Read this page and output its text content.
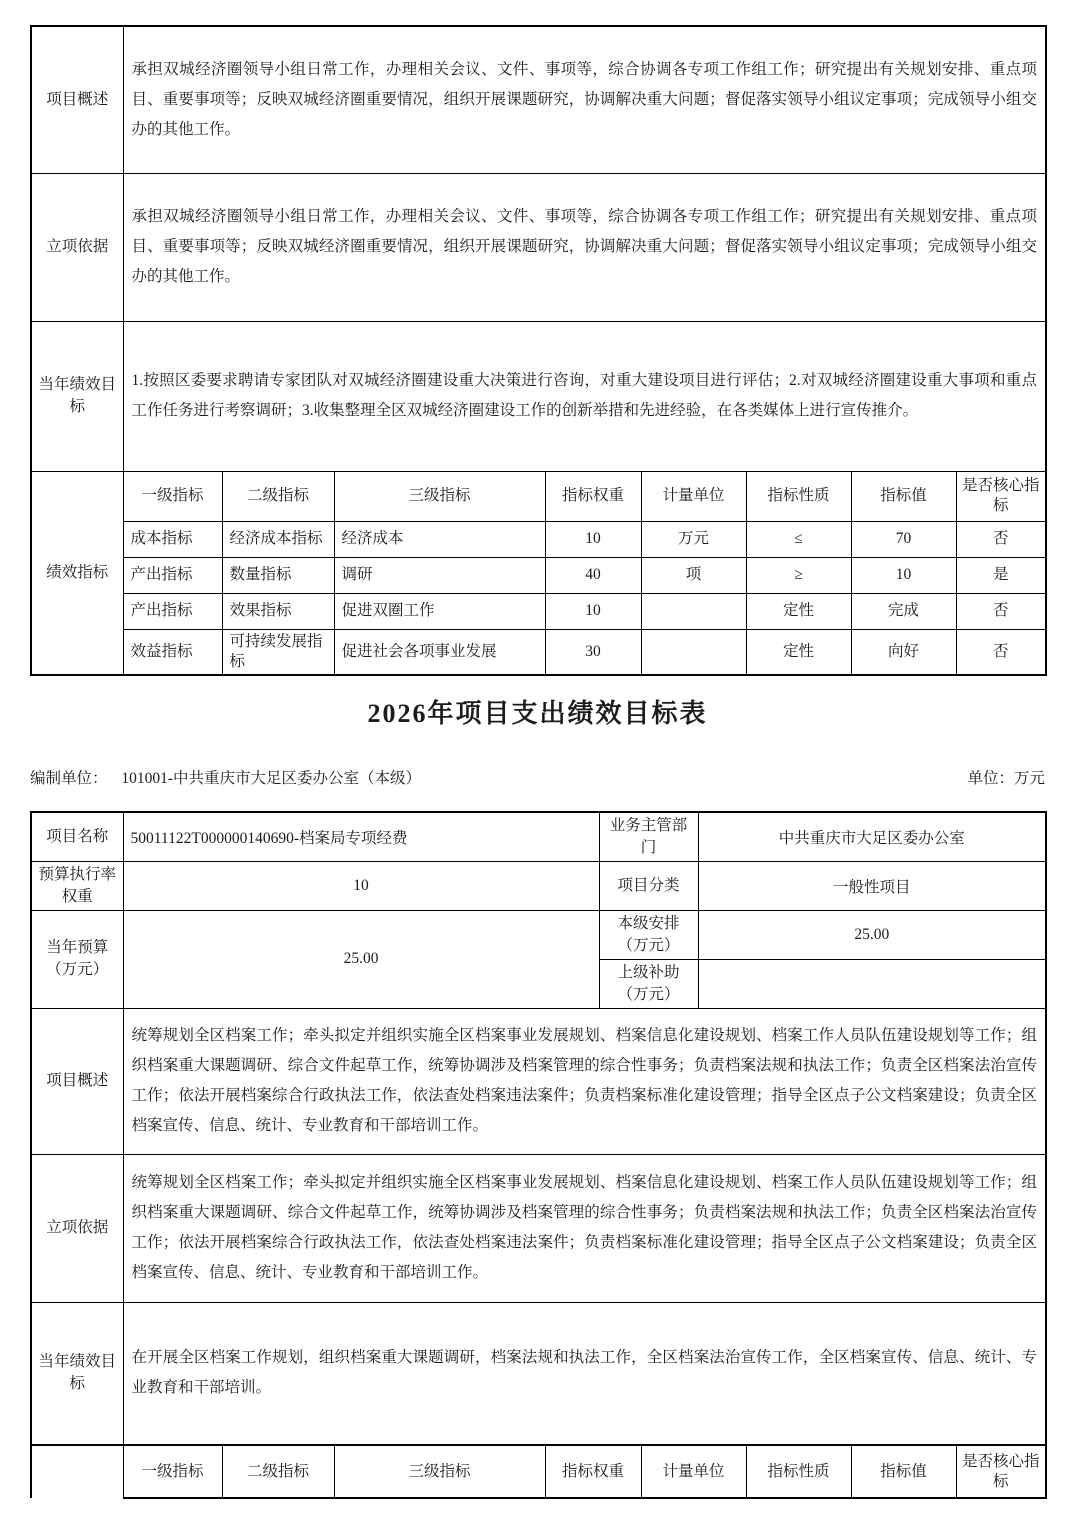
项目概述	承担双城经济圈领导小组日常工作，办理相关会议、文件、事项等，综合协调各专项工作组工作；研究提出有关规划安排、重点项目、重要事项等；反映双城经济圈重要情况，组织开展课题研究，协调解决重大问题；督促落实领导小组议定事项；完成领导小组交办的其他工作。							
立项依据	承担双城经济圈领导小组日常工作，办理相关会议、文件、事项等，综合协调各专项工作组工作；研究提出有关规划安排、重点项目、重要事项等；反映双城经济圈重要情况，组织开展课题研究，协调解决重大问题；督促落实领导小组议定事项；完成领导小组交办的其他工作。							
当年绩效目标	1.按照区委要求聘请专家团队对双城经济圈建设重大决策进行咨询，对重大建设项目进行评估；2.对双城经济圈建设重大事项和重点工作任务进行考察调研；3.收集整理全区双城经济圈建设工作的创新举措和先进经验，在各类媒体上进行宣传推介。							
绩效指标	一级指标	二级指标	三级指标	指标权重	计量单位	指标性质	指标值	是否核心指标
	成本指标	经济成本指标	经济成本	10	万元	≤	70	否
	产出指标	数量指标	调研	40	项	≥	10	是
	产出指标	效果指标	促进双圈工作	10		定性	完成	否
	效益指标	可持续发展指标	促进社会各项事业发展	30		定性	向好	否
2026年项目支出绩效目标表
编制单位： 101001-中共重庆市大足区委办公室（本级）	单位：万元
项目名称	50011122T000000140690-档案局专项经费	业务主管部门	中共重庆市大足区委办公室
预算执行率权重	10	项目分类	一般性项目
当年预算（万元）	25.00	本级安排（万元）	25.00
		上级补助（万元）	
项目概述	统筹规划全区档案工作；牵头拟定并组织实施全区档案事业发展规划、档案信息化建设规划、档案工作人员队伍建设规划等工作；组织档案重大课题调研、综合文件起草工作，统筹协调涉及档案管理的综合性事务；负责档案法规和执法工作；负责全区档案法治宣传工作；依法开展档案综合行政执法工作，依法查处档案违法案件；负责档案标准化建设管理；指导全区点子公文档案建设；负责全区档案宣传、信息、统计、专业教育和干部培训工作。		
立项依据	统筹规划全区档案工作；牵头拟定并组织实施全区档案事业发展规划、档案信息化建设规划、档案工作人员队伍建设规划等工作；组织档案重大课题调研、综合文件起草工作，统筹协调涉及档案管理的综合性事务；负责档案法规和执法工作；负责全区档案法治宣传工作；依法开展档案综合行政执法工作，依法查处档案违法案件；负责档案标准化建设管理；指导全区点子公文档案建设；负责全区档案宣传、信息、统计、专业教育和干部培训工作。		
当年绩效目标	在开展全区档案工作规划，组织档案重大课题调研，档案法规和执法工作，全区档案法治宣传工作，全区档案宣传、信息、统计、专业教育和干部培训。		
	一级指标	二级指标	三级指标	指标权重	计量单位	指标性质	指标值	是否核心指标
